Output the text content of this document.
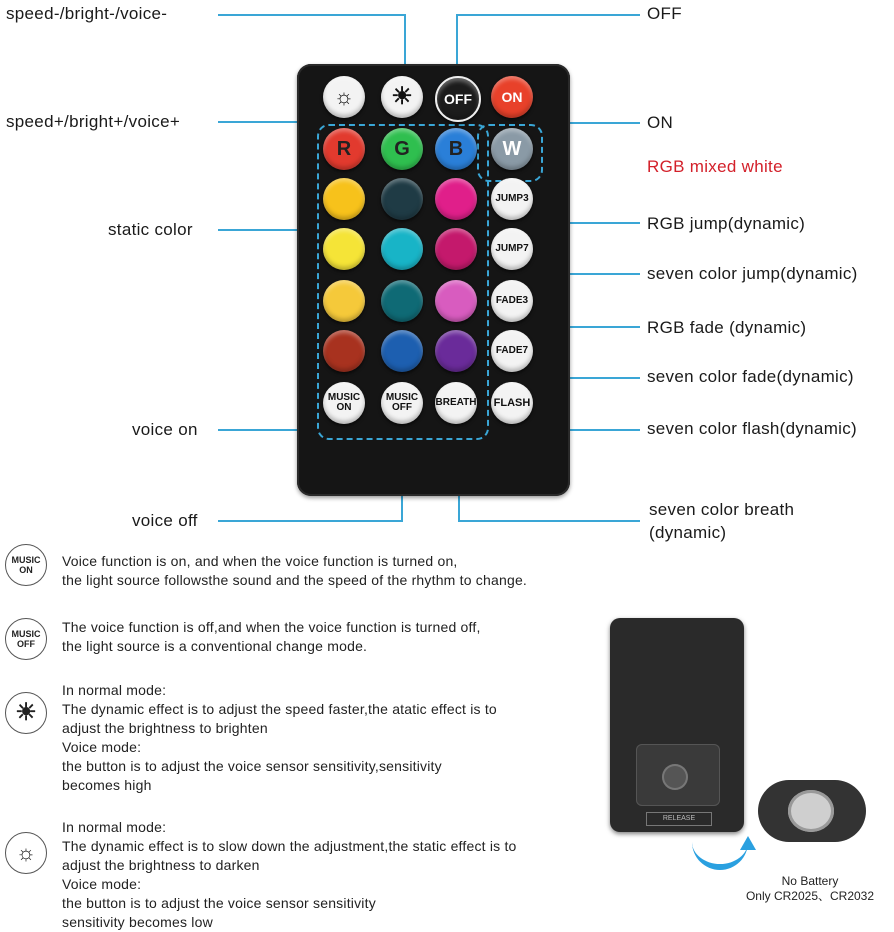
speed-/bright-/voice-
speed+/bright+/voice+
static color
voice on
voice off
OFF
ON
RGB mixed white
RGB jump(dynamic)
seven color jump(dynamic)
RGB fade (dynamic)
seven color fade(dynamic)
seven color flash(dynamic)
seven color breath
(dynamic)
☼ ☀	OFF	ON
R	G	B	W
JUMP3
JUMP7
FADE3
FADE7
MUSIC
ON
MUSIC
OFF BREATH FLASH
MUSIC
ON
Voice function is on, and when the voice function is turned on,
the light source followsthe sound and the speed of the rhythm to change.
MUSIC
OFF
The voice function is off,and when the voice function is turned off,
the light source is a conventional change mode.
☀
In normal mode:
The dynamic effect is to adjust the speed faster,the atatic effect is to
adjust the brightness to brighten
Voice mode:
the button is to adjust the voice sensor sensitivity,sensitivity
becomes high
☼
In normal mode:
The dynamic effect is to slow down the adjustment,the static effect is to
adjust the brightness to darken
Voice mode:
the button is to adjust the voice sensor sensitivity
sensitivity becomes low
RELEASE
No Battery
Only CR2025、CR2032
